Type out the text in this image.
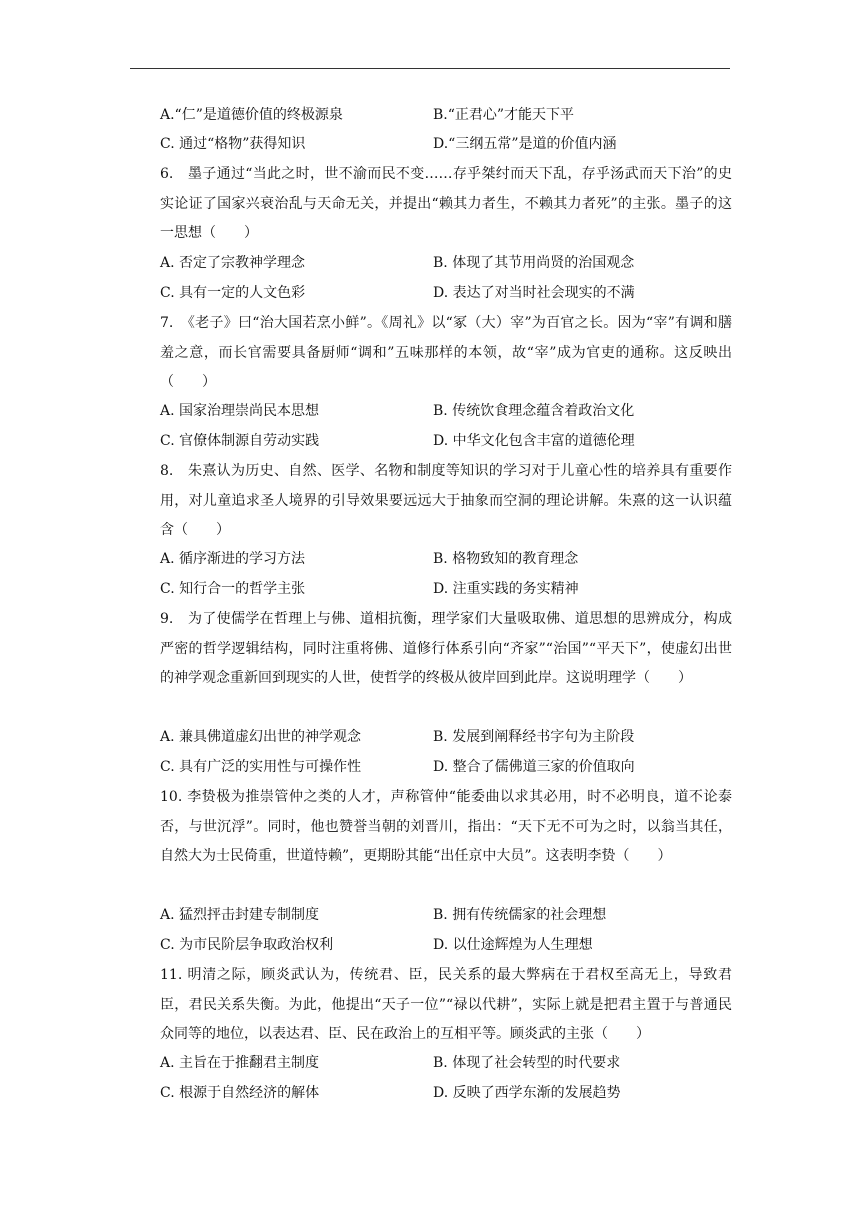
A.“仁”是道德价值的终极源泉	B.“正君心”才能天下平
C. 通过“格物”获得知识	D.“三纲五常”是道的价值内涵
6.　墨子通过“当此之时，世不渝而民不变……存乎桀纣而天下乱，存乎汤武而天下治”的史实论证了国家兴衰治乱与天命无关，并提出“赖其力者生，不赖其力者死”的主张。墨子的这一思想（　　）
A. 否定了宗教神学理念	B. 体现了其节用尚贤的治国观念
C. 具有一定的人文色彩	D. 表达了对当时社会现实的不满
7.　《老子》曰“治大国若烹小鲜”。《周礼》以“冢（大）宰”为百官之长。因为“宰”有调和膳羞之意，而长官需要具备厨师“调和”五味那样的本领，故“宰”成为官吏的通称。这反映出（　　）
A. 国家治理崇尚民本思想	B. 传统饮食理念蕴含着政治文化
C. 官僚体制源自劳动实践	D. 中华文化包含丰富的道德伦理
8.　朱熹认为历史、自然、医学、名物和制度等知识的学习对于儿童心性的培养具有重要作用，对儿童追求圣人境界的引导效果要远远大于抽象而空洞的理论讲解。朱熹的这一认识蕴含（　　）
A. 循序渐进的学习方法	B. 格物致知的教育理念
C. 知行合一的哲学主张	D. 注重实践的务实精神
9.　为了使儒学在哲理上与佛、道相抗衡，理学家们大量吸取佛、道思想的思辨成分，构成严密的哲学逻辑结构，同时注重将佛、道修行体系引向“齐家”“治国”“平天下”，使虚幻出世的神学观念重新回到现实的人世，使哲学的终极从彼岸回到此岸。这说明理学（　　）
A. 兼具佛道虚幻出世的神学观念	B. 发展到阐释经书字句为主阶段
C. 具有广泛的实用性与可操作性	D. 整合了儒佛道三家的价值取向
10. 李贽极为推崇管仲之类的人才，声称管仲“能委曲以求其必用，时不必明良，道不论泰否，与世沉浮”。同时，他也赞誉当朝的刘晋川，指出：“天下无不可为之时，以翁当其任，自然大为士民倚重，世道恃赖”，更期盼其能“出任京中大员”。这表明李贽（　　）
A. 猛烈抨击封建专制制度	B. 拥有传统儒家的社会理想
C. 为市民阶层争取政治权利	D. 以仕途辉煌为人生理想
11. 明清之际，顾炎武认为，传统君、臣，民关系的最大弊病在于君权至高无上，导致君臣，君民关系失衡。为此，他提出“天子一位”“禄以代耕”，实际上就是把君主置于与普通民众同等的地位，以表达君、臣、民在政治上的互相平等。顾炎武的主张（　　）
A. 主旨在于推翻君主制度	B. 体现了社会转型的时代要求
C. 根源于自然经济的解体	D. 反映了西学东渐的发展趋势
